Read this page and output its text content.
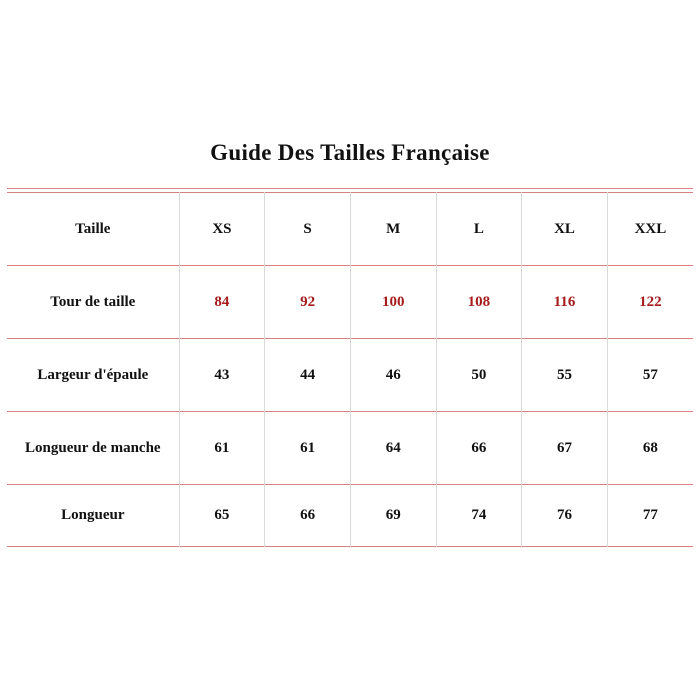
Guide Des Tailles Française
Taille	XS	S	M	L	XL	XXL
Tour de taille	84	92	100	108	116	122
Largeur d'épaule	43	44	46	50	55	57
Longueur de manche	61	61	64	66	67	68
Longueur	65	66	69	74	76	77
